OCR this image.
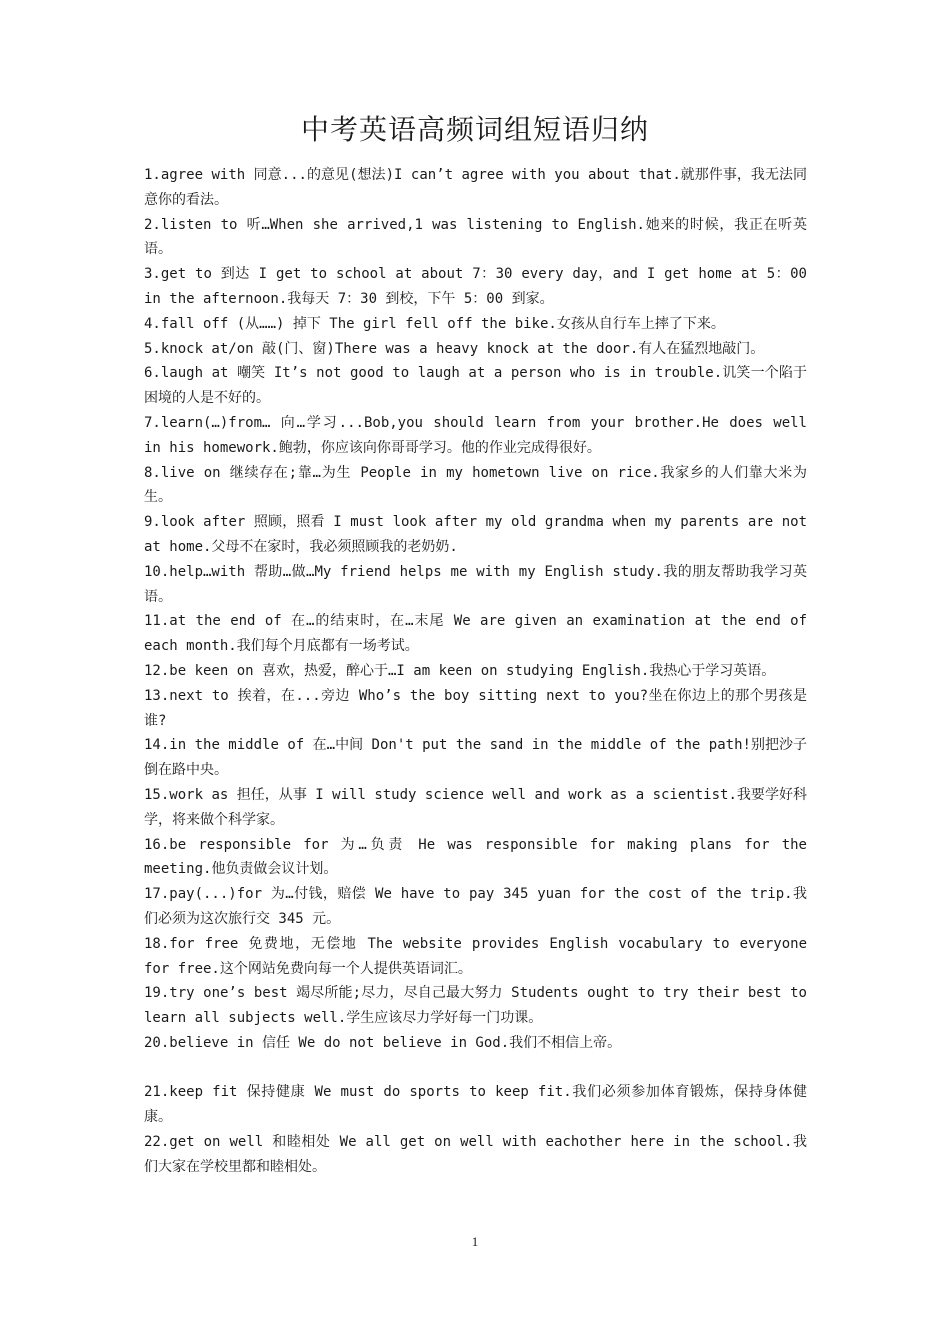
中考英语高频词组短语归纳

1.agree with 同意...的意见(想法)I can’t agree with you about that.就那件事，我无法同意你的看法。

2.listen to 听…When she arrived,1 was listening to English.她来的时候，我正在听英语。

3.get to 到达 I get to school at about 7：30 every day，and I get home at 5：00 in the afternoon.我每天 7：30 到校，下午 5：00 到家。

4.fall off (从……) 掉下 The girl fell off the bike.女孩从自行车上摔了下来。

5.knock at/on 敲(门、窗)There was a heavy knock at the door.有人在猛烈地敲门。

6.laugh at 嘲笑 It’s not good to laugh at a person who is in trouble.讥笑一个陷于困境的人是不好的。

7.learn(…)from… 向…学习...Bob,you should learn from your brother.He does well in his homework.鲍勃，你应该向你哥哥学习。他的作业完成得很好。

8.live on 继续存在;靠…为生 People in my hometown live on rice.我家乡的人们靠大米为生。

9.look after 照顾，照看 I must look after my old grandma when my parents are not at home.父母不在家时，我必须照顾我的老奶奶.

10.help…with 帮助…做…My friend helps me with my English study.我的朋友帮助我学习英语。

11.at the end of 在…的结束时，在…末尾 We are given an examination at the end of each month.我们每个月底都有一场考试。

12.be keen on 喜欢，热爱，醉心于…I am keen on studying English.我热心于学习英语。

13.next to 挨着，在...旁边 Who’s the boy sitting next to you?坐在你边上的那个男孩是谁?

14.in the middle of 在…中间 Don't put the sand in the middle of the path!别把沙子倒在路中央。

15.work as 担任，从事 I will study science well and work as a scientist.我要学好科学，将来做个科学家。

16.be responsible for 为…负责 He was responsible for making plans for the meeting.他负责做会议计划。

17.pay(...)for 为…付钱，赔偿 We have to pay 345 yuan for the cost of the trip.我们必须为这次旅行交 345 元。

18.for free 免费地，无偿地 The website provides English vocabulary to everyone for free.这个网站免费向每一个人提供英语词汇。

19.try one’s best 竭尽所能;尽力，尽自己最大努力 Students ought to try their best to learn all subjects well.学生应该尽力学好每一门功课。

20.believe in 信任 We do not believe in God.我们不相信上帝。

21.keep fit 保持健康 We must do sports to keep fit.我们必须参加体育锻炼，保持身体健康。

22.get on well 和睦相处 We all get on well with eachother here in the school.我们大家在学校里都和睦相处。

1
